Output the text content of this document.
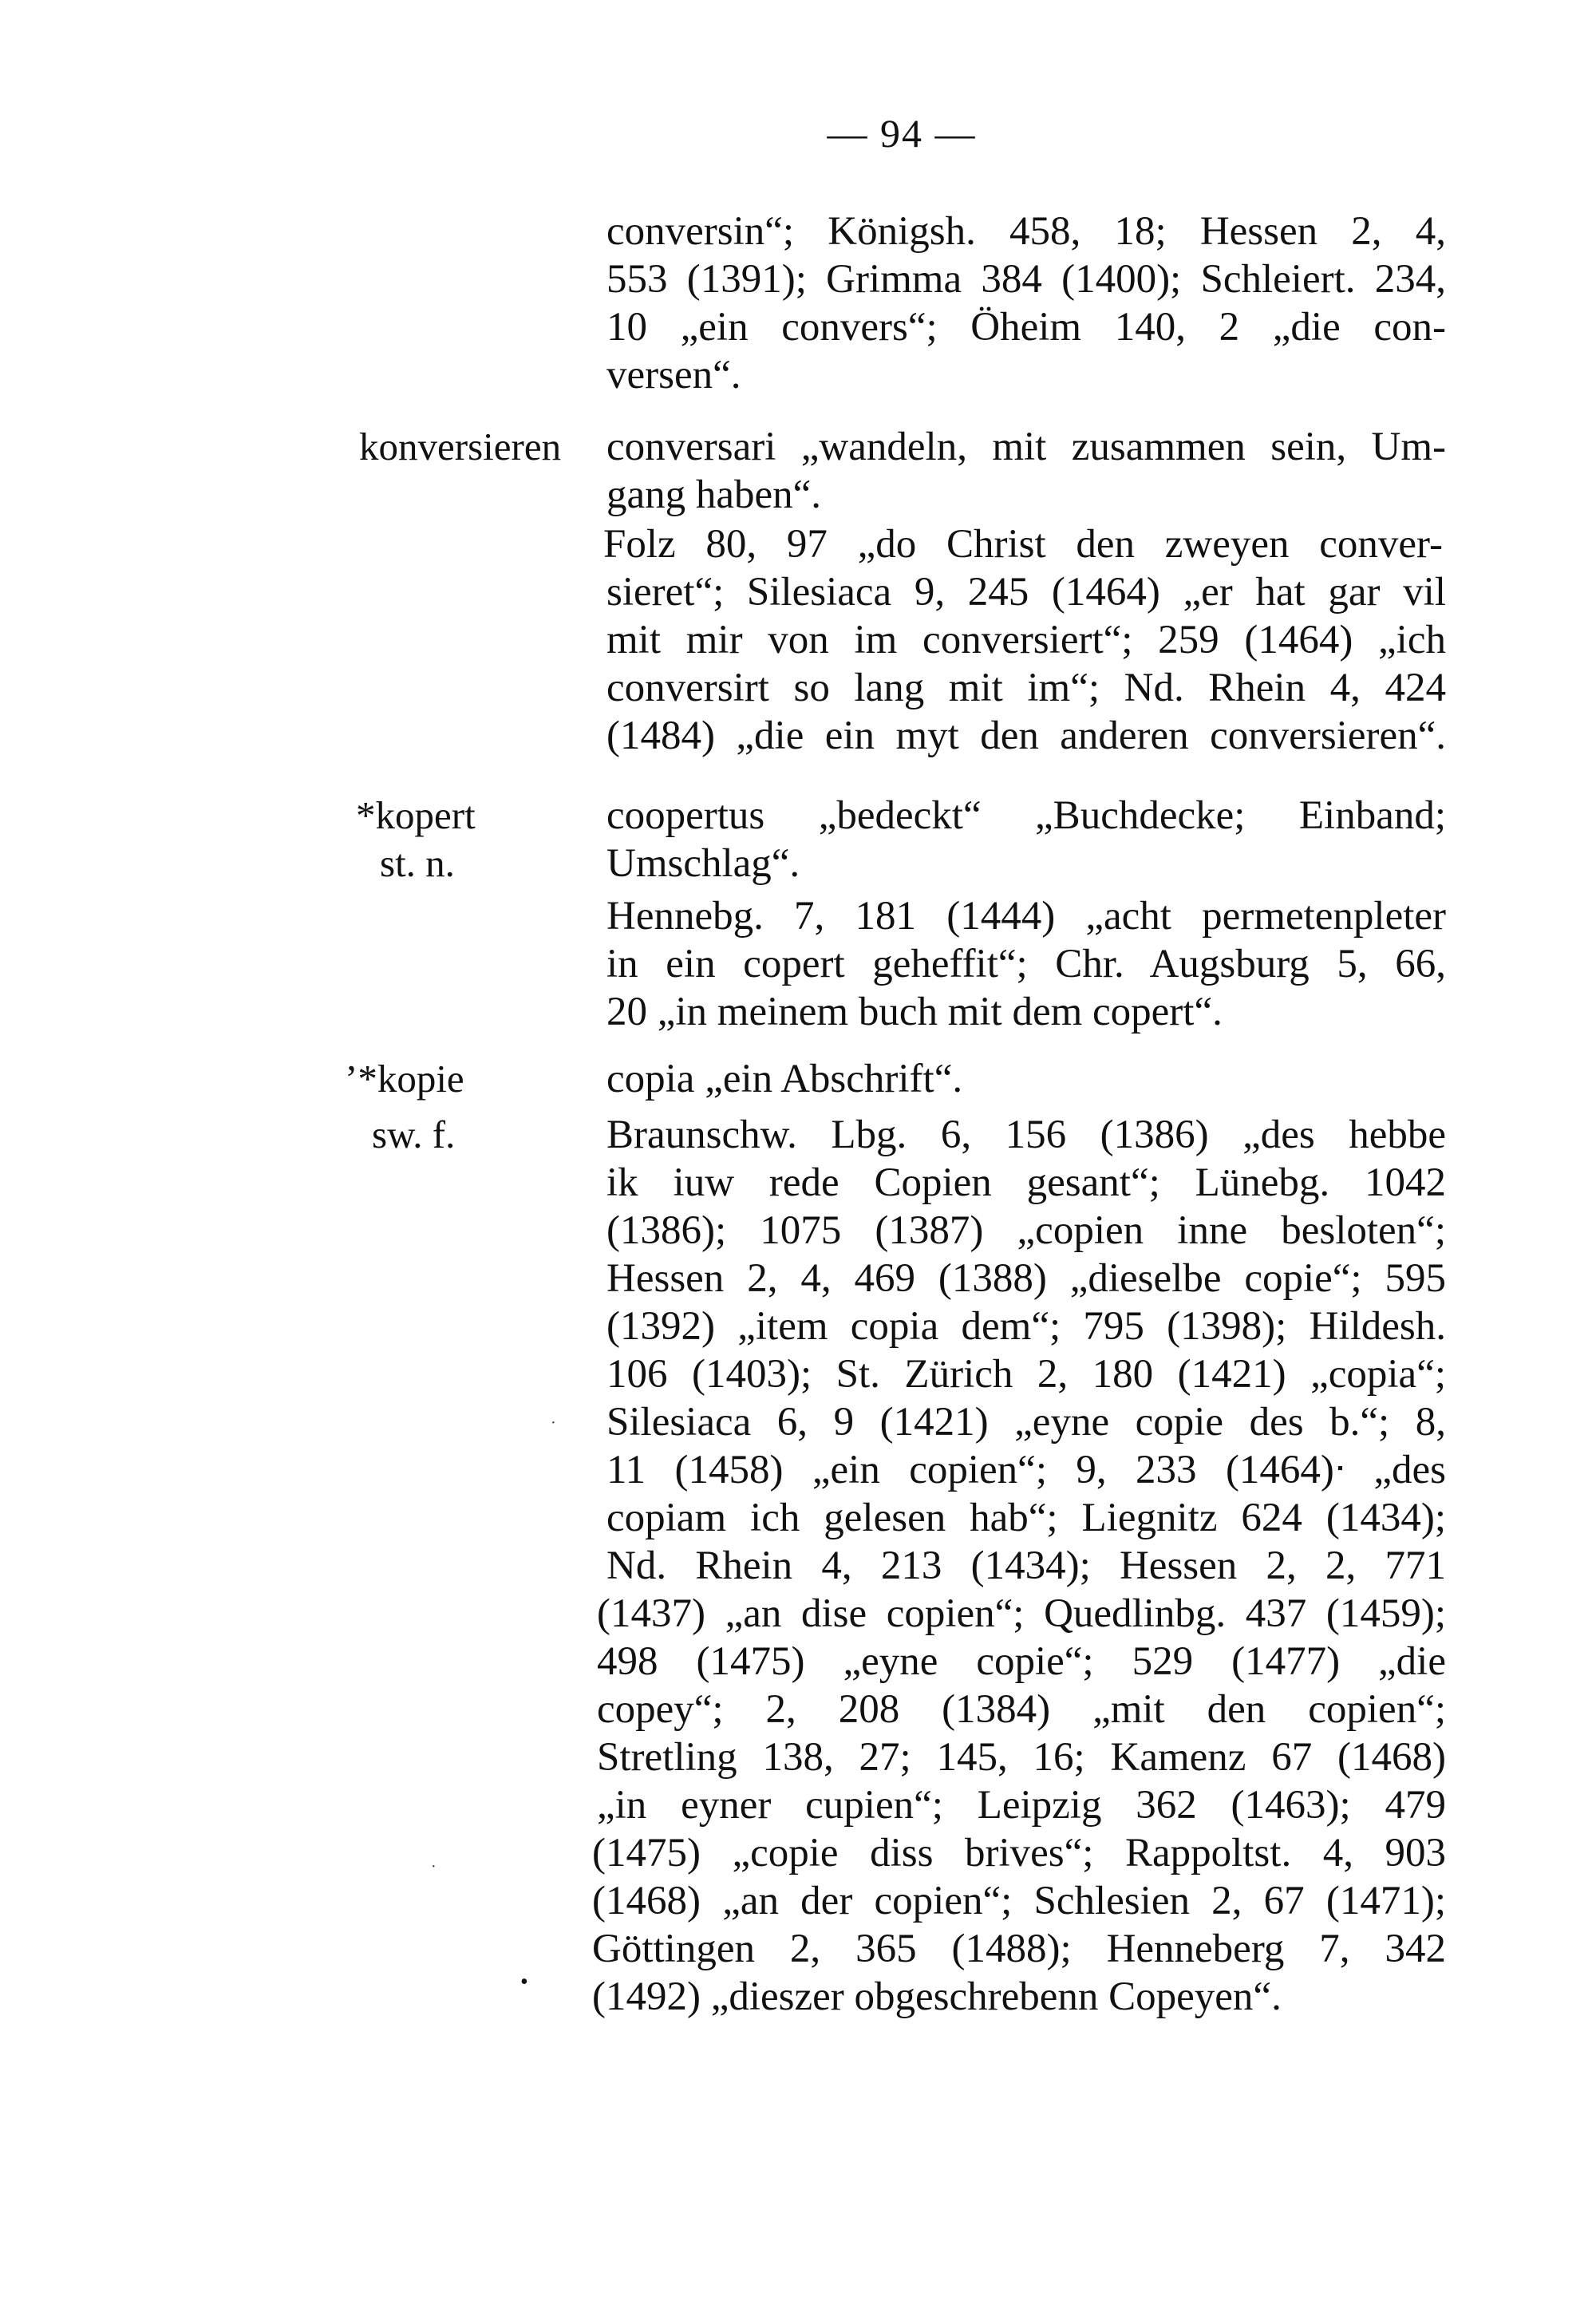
— 94 —
conversin“; Königsh. 458, 18; Hessen 2, 4,
553 (1391); Grimma 384 (1400); Schleiert. 234,
10 „ein convers“; Öheim 140, 2 „die con-
versen“.
konversieren conversari „wandeln, mit zusammen sein, Um-
gang haben“.
Folz 80, 97 „do Christ den zweyen conver-
sieret“; Silesiaca 9, 245 (1464) „er hat gar vil
mit mir von im conversiert“; 259 (1464) „ich
conversirt so lang mit im“; Nd. Rhein 4, 424
(1484) „die ein myt den anderen conversieren“.
*kopert
st. n.
coopertus „bedeckt“ „Buchdecke; Einband;
Umschlag“.
Hennebg. 7, 181 (1444) „acht permetenpleter
in ein copert geheffit“; Chr. Augsburg 5, 66,
20 „in meinem buch mit dem copert“.
’*kopie
sw. f.
copia „ein Abschrift“.
Braunschw. Lbg. 6, 156 (1386) „des hebbe
ik iuw rede Copien gesant“; Lünebg. 1042
(1386); 1075 (1387) „copien inne besloten“;
Hessen 2, 4, 469 (1388) „dieselbe copie“; 595
(1392) „item copia dem“; 795 (1398); Hildesh.
106 (1403); St. Zürich 2, 180 (1421) „copia“;
Silesiaca 6, 9 (1421) „eyne copie des b.“; 8,
11 (1458) „ein copien“; 9, 233 (1464)ᐧ „des
copiam ich gelesen hab“; Liegnitz 624 (1434);
Nd. Rhein 4, 213 (1434); Hessen 2, 2, 771
(1437) „an dise copien“; Quedlinbg. 437 (1459);
498 (1475) „eyne copie“; 529 (1477) „die
copey“; 2, 208 (1384) „mit den copien“;
Stretling 138, 27; 145, 16; Kamenz 67 (1468)
„in eyner cupien“; Leipzig 362 (1463); 479
(1475) „copie diss brives“; Rappoltst. 4, 903
(1468) „an der copien“; Schlesien 2, 67 (1471);
Göttingen 2, 365 (1488); Henneberg 7, 342
(1492) „dieszer obgeschrebenn Copeyen“.
·
·
•
